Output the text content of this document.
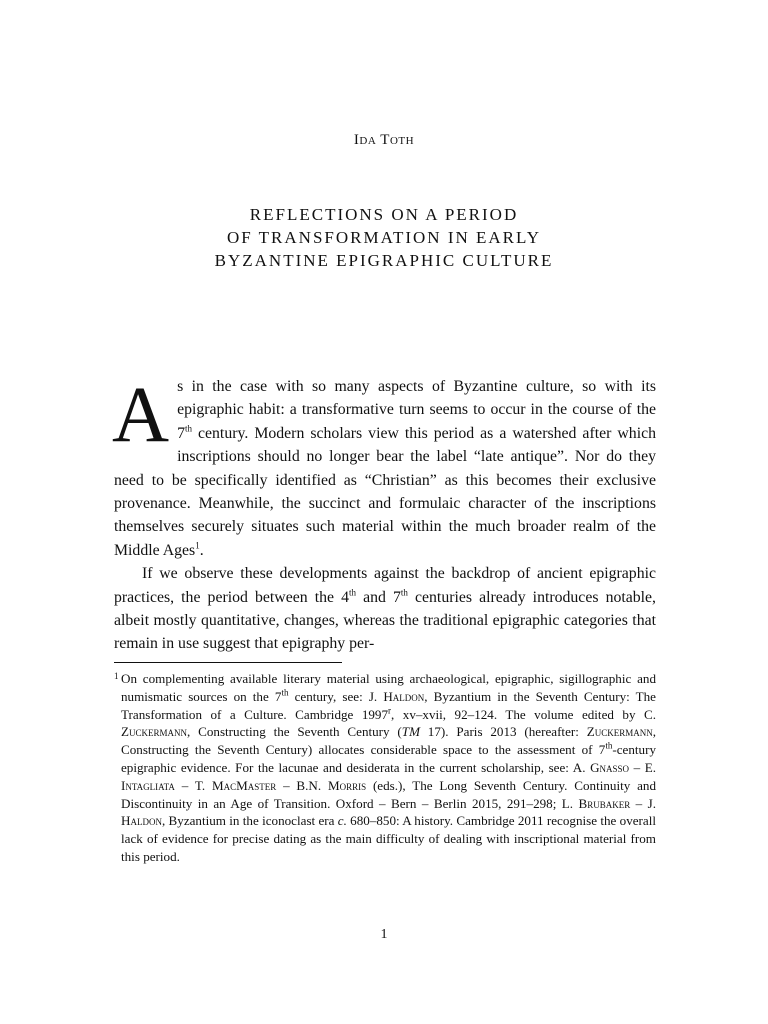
Ida Toth
REFLECTIONS ON A PERIOD
OF TRANSFORMATION IN EARLY
BYZANTINE EPIGRAPHIC CULTURE

As in the case with so many aspects of Byzantine culture, so with its epigraphic habit: a transformative turn seems to occur in the course of the 7th century. Modern scholars view this period as a watershed after which inscriptions should no longer bear the label “late antique”. Nor do they need to be specifically identified as “Christian” as this becomes their exclusive provenance. Meanwhile, the succinct and formulaic character of the inscriptions themselves securely situates such material within the much broader realm of the Middle Ages$^1$.

If we observe these developments against the backdrop of ancient epigraphic practices, the period between the 4th and 7th centuries already introduces notable, albeit mostly quantitative, changes, whereas the traditional epigraphic categories that remain in use suggest that epigraphy per-

1 On complementing available literary material using archaeological, epigraphic, sigillographic and numismatic sources on the 7th century, see: J. Haldon, Byzantium in the Seventh Century: The Transformation of a Culture. Cambridge 1997$^r$, xv–xvii, 92–124. The volume edited by C. Zuckermann, Constructing the Seventh Century (TM 17). Paris 2013 (hereafter: Zuckermann, Constructing the Seventh Century) allocates considerable space to the assessment of 7th-century epigraphic evidence. For the lacunae and desiderata in the current scholarship, see: A. Gnasso – E. Intagliata – T. MacMaster – B.N. Morris (eds.), The Long Seventh Century. Continuity and Discontinuity in an Age of Transition. Oxford – Bern – Berlin 2015, 291–298; L. Brubaker – J. Haldon, Byzantium in the iconoclast era c. 680–850: A history. Cambridge 2011 recognise the overall lack of evidence for precise dating as the main difficulty of dealing with inscriptional material from this period.
1
